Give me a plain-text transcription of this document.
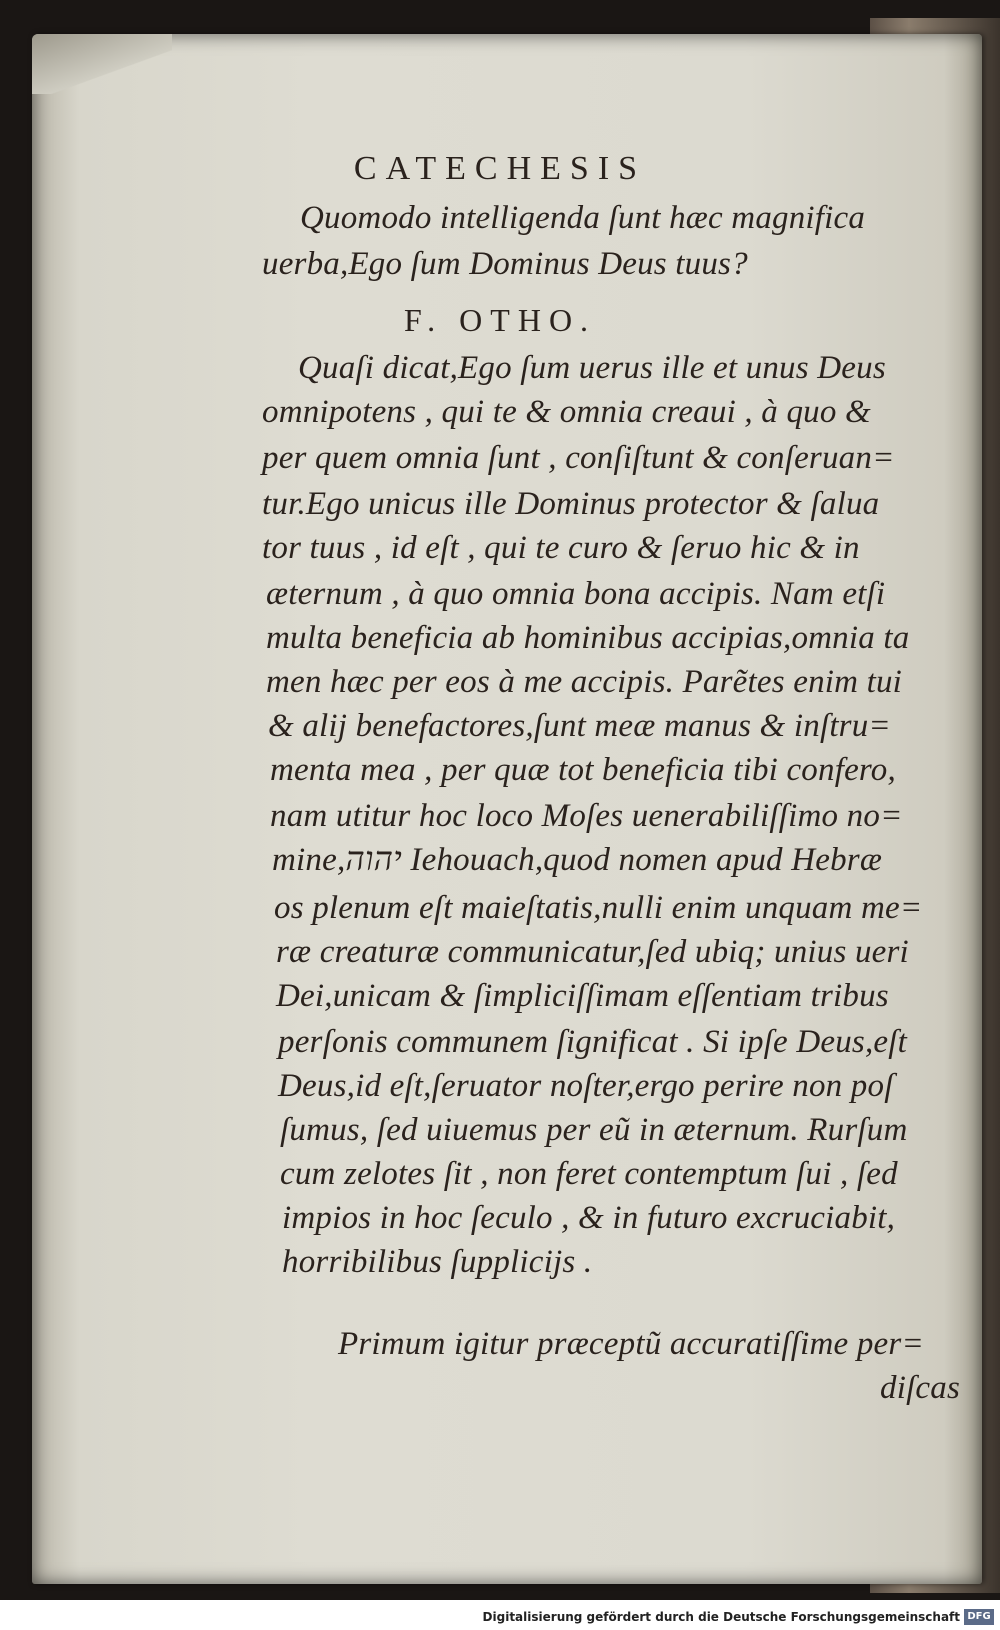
CATECHESIS

Quomodo intelligenda ſunt hæc magnifica

uerba,Ego ſum Dominus Deus tuus?

F. OTHO.

Quaſi dicat,Ego ſum uerus ille et unus Deus

omnipotens , qui te & omnia creaui , à quo &

per quem omnia ſunt , conſiſtunt & conſeruan=

tur.Ego unicus ille Dominus protector & ſalua

tor tuus , id eſt , qui te curo & ſeruo hic & in

æternum , à quo omnia bona accipis. Nam etſi

multa beneficia ab hominibus accipias,omnia ta

men hæc per eos à me accipis. Parẽtes enim tui

& alij benefactores,ſunt meæ manus & inſtru=

menta mea , per quæ tot beneficia tibi confero,

nam utitur hoc loco Moſes uenerabiliſſimo no=

mine,יהוה Iehouach,quod nomen apud Hebræ

os plenum eſt maieſtatis,nulli enim unquam me=

ræ creaturæ communicatur,ſed ubiq; unius ueri

Dei,unicam & ſimpliciſſimam eſſentiam tribus

perſonis communem ſignificat . Si ipſe Deus,eſt

Deus,id eſt,ſeruator noſter,ergo perire non poſ

ſumus, ſed uiuemus per eũ in æternum. Rurſum

cum zelotes ſit , non feret contemptum ſui , ſed

impios in hoc ſeculo , & in futuro excruciabit,

horribilibus ſupplicijs .

Primum igitur præceptũ accuratiſſime per=

diſcas

Digitalisierung gefördert durch die Deutsche Forschungsgemeinschaft DFG
